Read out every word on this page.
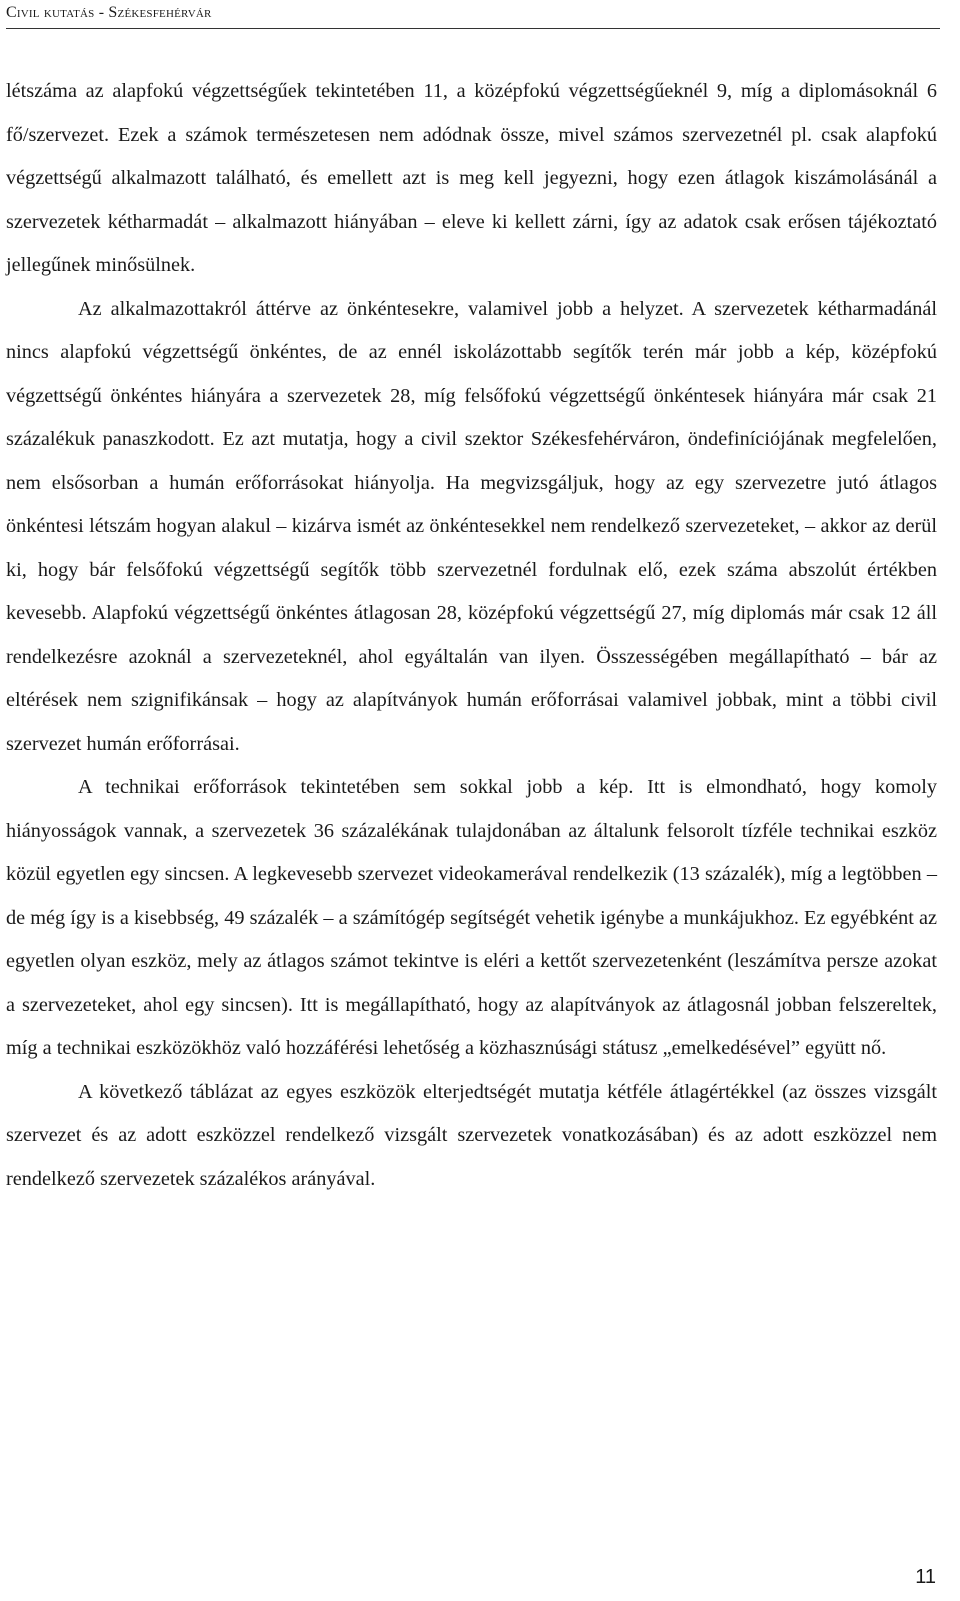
Civil kutatás - Székesfehérvár

létszáma az alapfokú végzettségűek tekintetében 11, a középfokú végzettségűeknél 9, míg a diplomásoknál 6 fő/szervezet. Ezek a számok természetesen nem adódnak össze, mivel számos szervezetnél pl. csak alapfokú végzettségű alkalmazott található, és emellett azt is meg kell jegyezni, hogy ezen átlagok kiszámolásánál a szervezetek kétharmadát – alkalmazott hiányában – eleve ki kellett zárni, így az adatok csak erősen tájékoztató jellegűnek minősülnek.

Az alkalmazottakról áttérve az önkéntesekre, valamivel jobb a helyzet. A szervezetek kétharmadánál nincs alapfokú végzettségű önkéntes, de az ennél iskolázottabb segítők terén már jobb a kép, középfokú végzettségű önkéntes hiányára a szervezetek 28, míg felsőfokú végzettségű önkéntesek hiányára már csak 21 százalékuk panaszkodott. Ez azt mutatja, hogy a civil szektor Székesfehérváron, öndefiníciójának megfelelően, nem elsősorban a humán erőforrásokat hiányolja. Ha megvizsgáljuk, hogy az egy szervezetre jutó átlagos önkéntesi létszám hogyan alakul – kizárva ismét az önkéntesekkel nem rendelkező szervezeteket, – akkor az derül ki, hogy bár felsőfokú végzettségű segítők több szervezetnél fordulnak elő, ezek száma abszolút értékben kevesebb. Alapfokú végzettségű önkéntes átlagosan 28, középfokú végzettségű 27, míg diplomás már csak 12 áll rendelkezésre azoknál a szervezeteknél, ahol egyáltalán van ilyen. Összességében megállapítható – bár az eltérések nem szignifikánsak – hogy az alapítványok humán erőforrásai valamivel jobbak, mint a többi civil szervezet humán erőforrásai.

A technikai erőforrások tekintetében sem sokkal jobb a kép. Itt is elmondható, hogy komoly hiányosságok vannak, a szervezetek 36 százalékának tulajdonában az általunk felsorolt tízféle technikai eszköz közül egyetlen egy sincsen. A legkevesebb szervezet videokamerával rendelkezik (13 százalék), míg a legtöbben – de még így is a kisebbség, 49 százalék – a számítógép segítségét vehetik igénybe a munkájukhoz. Ez egyébként az egyetlen olyan eszköz, mely az átlagos számot tekintve is eléri a kettőt szervezetenként (leszámítva persze azokat a szervezeteket, ahol egy sincsen). Itt is megállapítható, hogy az alapítványok az átlagosnál jobban felszereltek, míg a technikai eszközökhöz való hozzáférési lehetőség a közhasznúsági státusz „emelkedésével” együtt nő.

A következő táblázat az egyes eszközök elterjedtségét mutatja kétféle átlagértékkel (az összes vizsgált szervezet és az adott eszközzel rendelkező vizsgált szervezetek vonatkozásában) és az adott eszközzel nem rendelkező szervezetek százalékos arányával.

11
